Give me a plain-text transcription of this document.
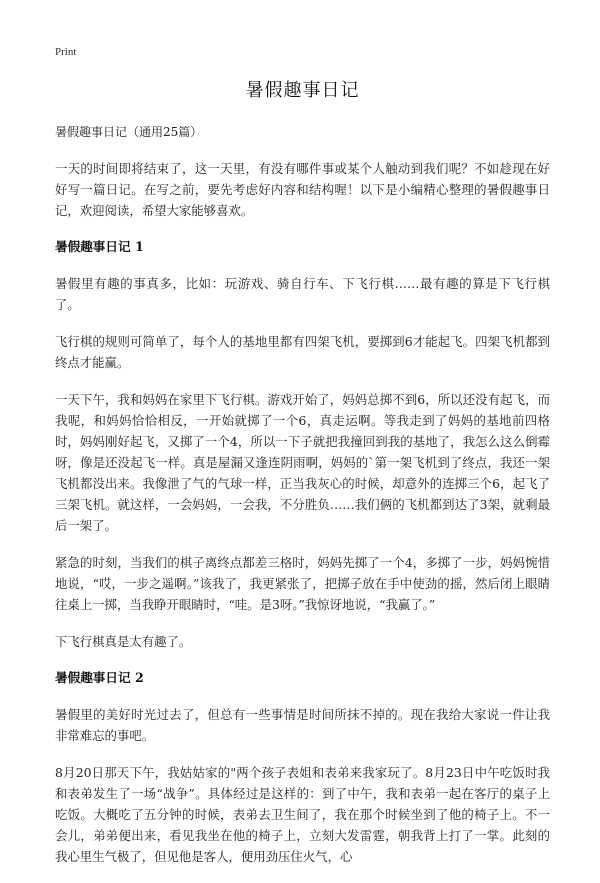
Print
暑假趣事日记
暑假趣事日记（通用25篇）

一天的时间即将结束了，这一天里，有没有哪件事或某个人触动到我们呢？不如趁现在好好写一篇日记。在写之前，要先考虑好内容和结构喔！以下是小编精心整理的暑假趣事日记，欢迎阅读，希望大家能够喜欢。

暑假趣事日记 1

暑假里有趣的事真多，比如：玩游戏、骑自行车、下飞行棋……最有趣的算是下飞行棋了。

飞行棋的规则可简单了，每个人的基地里都有四架飞机，要掷到6才能起飞。四架飞机都到终点才能赢。

一天下午，我和妈妈在家里下飞行棋。游戏开始了，妈妈总掷不到6，所以还没有起飞，而我呢，和妈妈恰恰相反，一开始就掷了一个6，真走运啊。等我走到了妈妈的基地前四格时，妈妈刚好起飞，又掷了一个4，所以一下子就把我撞回到我的基地了，我怎么这么倒霉呀，像是还没起飞一样。真是屋漏又逢连阴雨啊，妈妈的`第一架飞机到了终点，我还一架飞机都没出来。我像泄了气的气球一样，正当我灰心的时候，却意外的连掷三个6，起飞了三架飞机。就这样，一会妈妈，一会我，不分胜负……我们俩的飞机都到达了3架，就剩最后一架了。

紧急的时刻，当我们的棋子离终点都差三格时，妈妈先掷了一个4，多掷了一步，妈妈惋惜地说，“哎，一步之遥啊。”该我了，我更紧张了，把掷子放在手中使劲的摇，然后闭上眼睛往桌上一掷，当我睁开眼睛时，“哇。是3呀。”我惊讶地说，“我赢了。”

下飞行棋真是太有趣了。

暑假趣事日记 2

暑假里的美好时光过去了，但总有一些事情是时间所抹不掉的。现在我给大家说一件让我非常难忘的事吧。

8月20日那天下午，我姑姑家的"两个孩子表姐和表弟来我家玩了。8月23日中午吃饭时我和表弟发生了一场“战争”。具体经过是这样的：到了中午，我和表弟一起在客厅的桌子上吃饭。大概吃了五分钟的时候，表弟去卫生间了，我在那个时候坐到了他的椅子上。不一会儿，弟弟便出来，看见我坐在他的椅子上，立刻大发雷霆，朝我背上打了一掌。此刻的我心里生气极了，但见他是客人，便用劲压住火气，心
